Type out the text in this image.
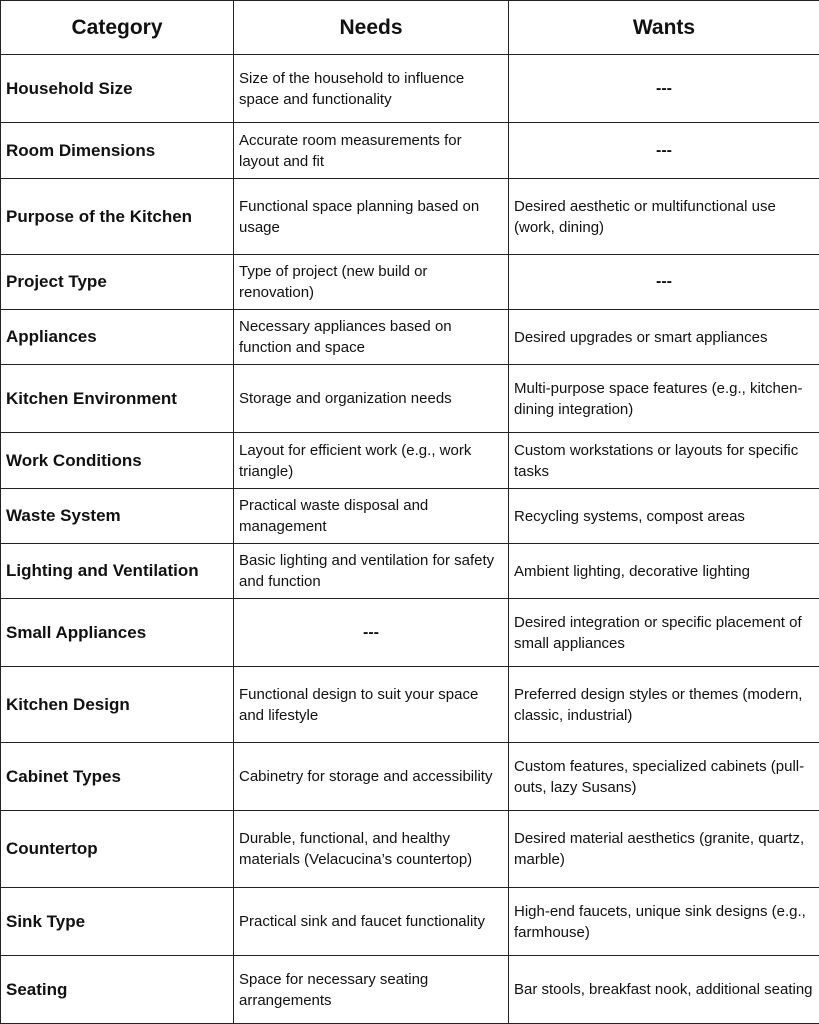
Category	Needs	Wants
Household Size	Size of the household to influence space and functionality	---
Room Dimensions	Accurate room measurements for layout and fit	---
Purpose of the Kitchen	Functional space planning based on usage	Desired aesthetic or multifunctional use (work, dining)
Project Type	Type of project (new build or renovation)	---
Appliances	Necessary appliances based on function and space	Desired upgrades or smart appliances
Kitchen Environment	Storage and organization needs	Multi-purpose space features (e.g., kitchen-dining integration)
Work Conditions	Layout for efficient work (e.g., work triangle)	Custom workstations or layouts for specific tasks
Waste System	Practical waste disposal and management	Recycling systems, compost areas
Lighting and Ventilation	Basic lighting and ventilation for safety and function	Ambient lighting, decorative lighting
Small Appliances	---	Desired integration or specific placement of small appliances
Kitchen Design	Functional design to suit your space and lifestyle	Preferred design styles or themes (modern, classic, industrial)
Cabinet Types	Cabinetry for storage and accessibility	Custom features, specialized cabinets (pull-outs, lazy Susans)
Countertop	Durable, functional, and healthy materials (Velacucina’s countertop)	Desired material aesthetics (granite, quartz, marble)
Sink Type	Practical sink and faucet functionality	High-end faucets, unique sink designs (e.g., farmhouse)
Seating	Space for necessary seating arrangements	Bar stools, breakfast nook, additional seating
